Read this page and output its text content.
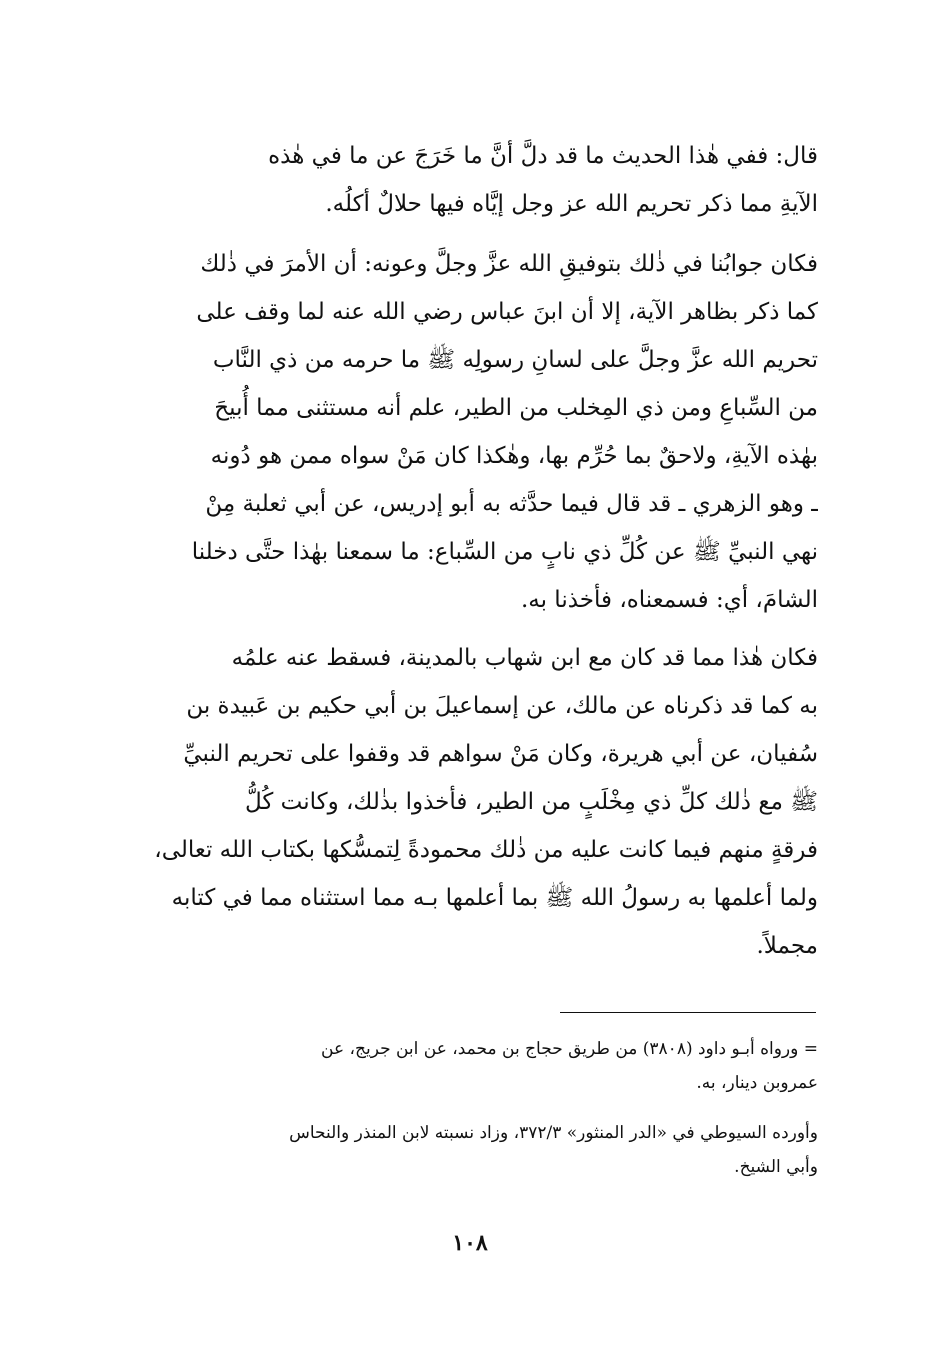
قال: ففي هٰذا الحديث ما قد دلَّ أنَّ ما خَرَجَ عن ما في هٰذه
الآيةِ مما ذكر تحريم الله عز وجل إيَّاه فيها حلالٌ أكلُه.
فكان جوابُنا في ذٰلك بتوفيقِ الله عزَّ وجلَّ وعونه: أن الأمرَ في ذٰلك
كما ذكر بظاهر الآية، إلا أن ابنَ عباس رضي الله عنه لما وقف على
تحريم الله عزَّ وجلَّ على لسانِ رسولِه ﷺ ما حرمه من ذي النَّاب
من السِّباعِ ومن ذي المِخلب من الطير، علم أنه مستثنى مما أُبيحَ
بهٰذه الآيةِ، ولاحقٌ بما حُرِّم بها، وهٰكذا كان مَنْ سواه ممن هو دُونه
ـ وهو الزهري ـ قد قال فيما حدَّثه به أبو إدريس، عن أبي ثعلبة مِنْ
نهي النبيِّ ﷺ عن كُلِّ ذي نابٍ من السِّباع: ما سمعنا بهٰذا حتَّى دخلنا
الشامَ، أي: فسمعناه، فأخذنا به.
فكان هٰذا مما قد كان مع ابن شهاب بالمدينة، فسقط عنه علمُه
به كما قد ذكرناه عن مالك، عن إسماعيلَ بن أبي حكيم بن عَبيدة بن
سُفيان، عن أبي هريرة، وكان مَنْ سواهم قد وقفوا على تحريم النبيِّ
ﷺ مع ذٰلك كلِّ ذي مِخْلَبٍ من الطير، فأخذوا بذٰلك، وكانت كُلُّ
فرقةٍ منهم فيما كانت عليه من ذٰلك محمودةً لِتمسُّكها بكتاب الله تعالى،
ولما أعلمها به رسولُ الله ﷺ بما أعلمها بـه مما استثناه مما في كتابه
مجملاً.
= ورواه أبـو داود (٣٨٠٨) من طريق حجاج بن محمد، عن ابن جريج، عن
عمروبن دينار، به.
وأورده السيوطي في «الدر المنثور» ٣٧٢/٣، وزاد نسبته لابن المنذر والنحاس
وأبي الشيخ.
١٠٨
